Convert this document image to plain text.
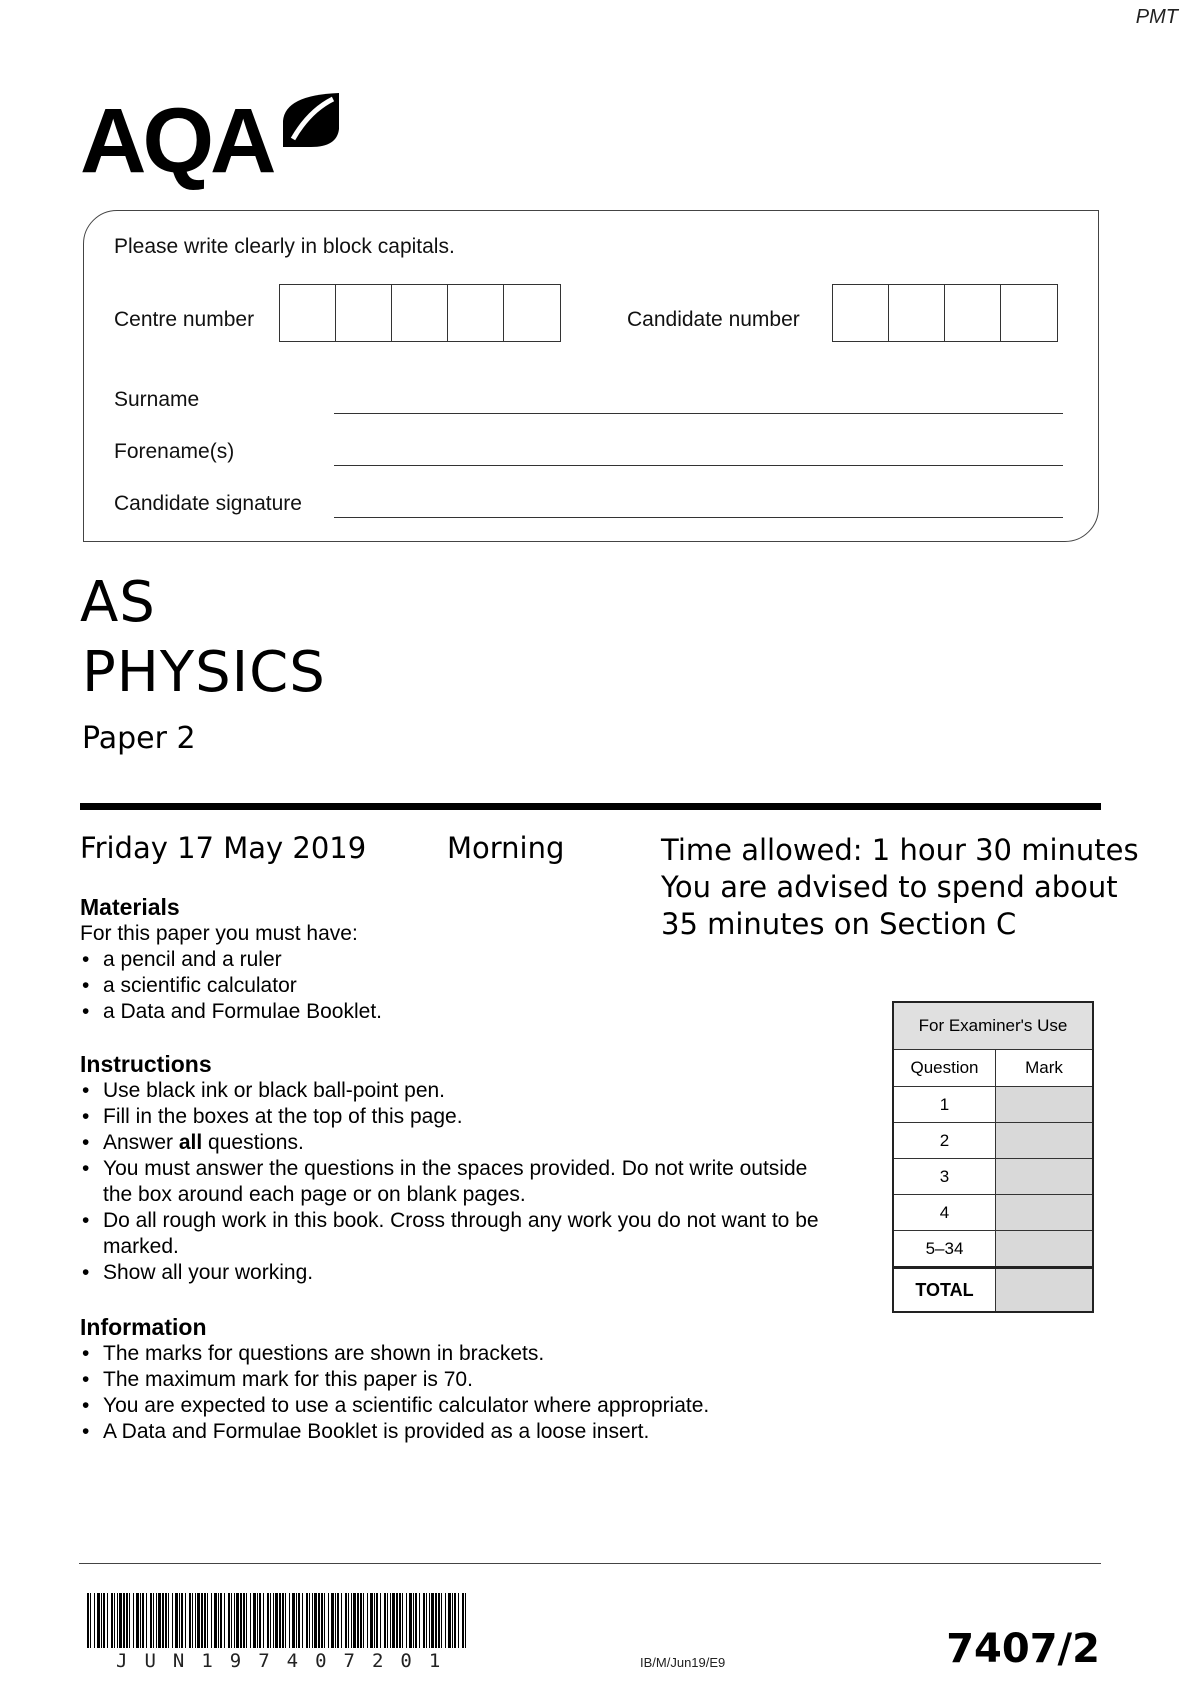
PMT
AQA
Please write clearly in block capitals.
Centre number	Candidate number
Surname
Forename(s)
Candidate signature
AS
PHYSICS
Paper 2
Friday 17 May 2019	Morning	Time allowed: 1 hour 30 minutes
You are advised to spend about
35 minutes on Section C
Materials
For this paper you must have:
• a pencil and a ruler
• a scientific calculator
• a Data and Formulae Booklet.
Instructions
• Use black ink or black ball-point pen.
• Fill in the boxes at the top of this page.
• Answer all questions.
• You must answer the questions in the spaces provided. Do not write outside the box around each page or on blank pages.
• Do all rough work in this book. Cross through any work you do not want to be marked.
• Show all your working.
Information
• The marks for questions are shown in brackets.
• The maximum mark for this paper is 70.
• You are expected to use a scientific calculator where appropriate.
• A Data and Formulae Booklet is provided as a loose insert.
For Examiner's Use	
Question	Mark
1	
2	
3	
4	
5–34	
TOTAL	
JUN197407201	IB/M/Jun19/E9	7407/2
